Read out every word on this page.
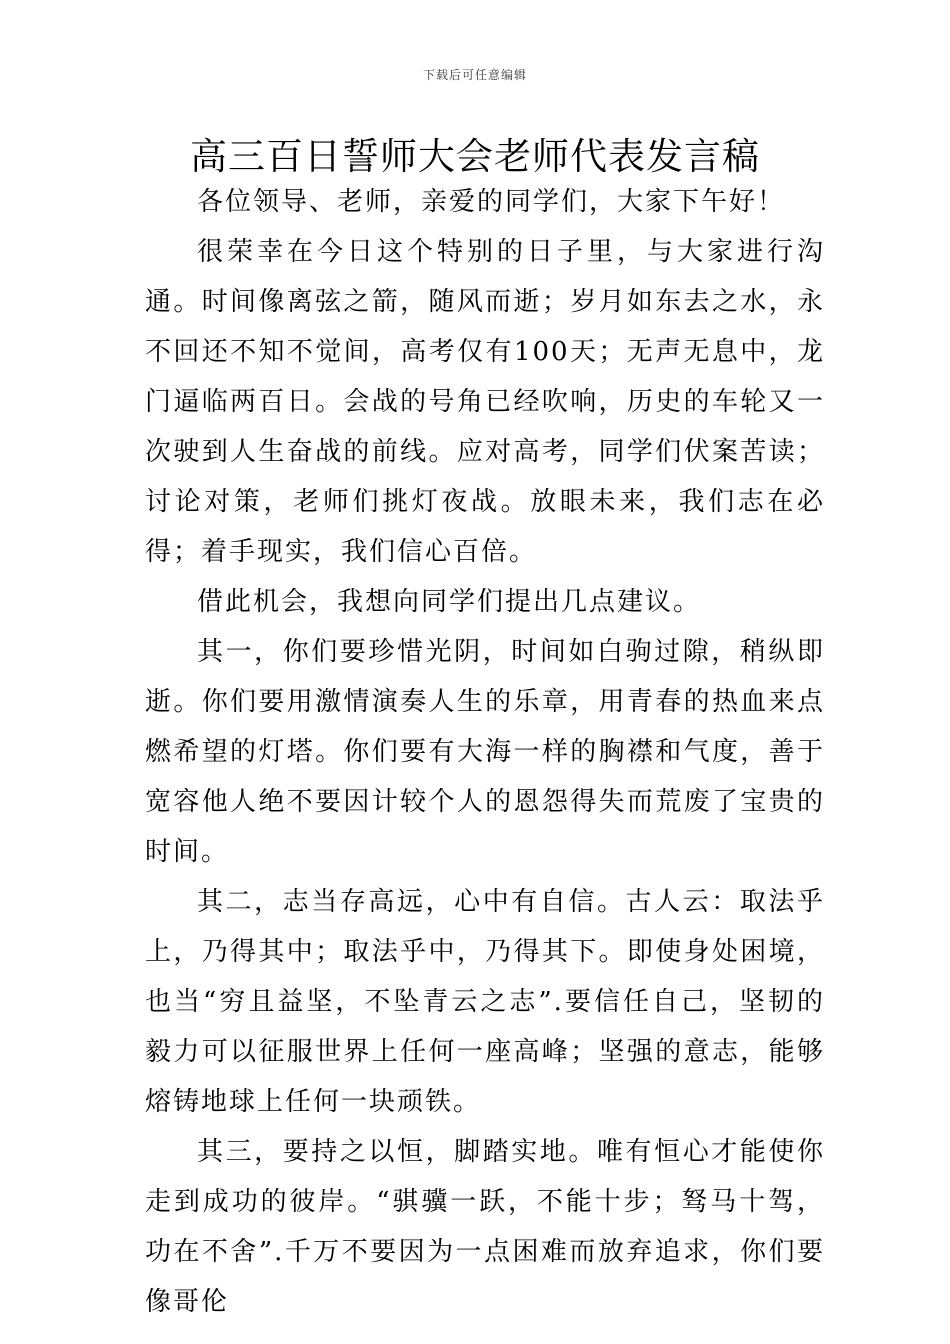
下载后可任意编辑
高三百日誓师大会老师代表发言稿

各位领导、老师，亲爱的同学们，大家下午好！

很荣幸在今日这个特别的日子里，与大家进行沟通。时间像离弦之箭，随风而逝；岁月如东去之水，永不回还不知不觉间，高考仅有100天；无声无息中，龙门逼临两百日。会战的号角已经吹响，历史的车轮又一次驶到人生奋战的前线。应对高考，同学们伏案苦读；讨论对策，老师们挑灯夜战。放眼未来，我们志在必得；着手现实，我们信心百倍。

借此机会，我想向同学们提出几点建议。

其一，你们要珍惜光阴，时间如白驹过隙，稍纵即逝。你们要用激情演奏人生的乐章，用青春的热血来点燃希望的灯塔。你们要有大海一样的胸襟和气度，善于宽容他人绝不要因计较个人的恩怨得失而荒废了宝贵的时间。

其二，志当存高远，心中有自信。古人云：取法乎上，乃得其中；取法乎中，乃得其下。即使身处困境，也当“穷且益坚，不坠青云之志”.要信任自己，坚韧的毅力可以征服世界上任何一座高峰；坚强的意志，能够熔铸地球上任何一块顽铁。

其三，要持之以恒，脚踏实地。唯有恒心才能使你走到成功的彼岸。“骐骥一跃，不能十步；驽马十驾，功在不舍”.千万不要因为一点困难而放弃追求，你们要像哥伦
